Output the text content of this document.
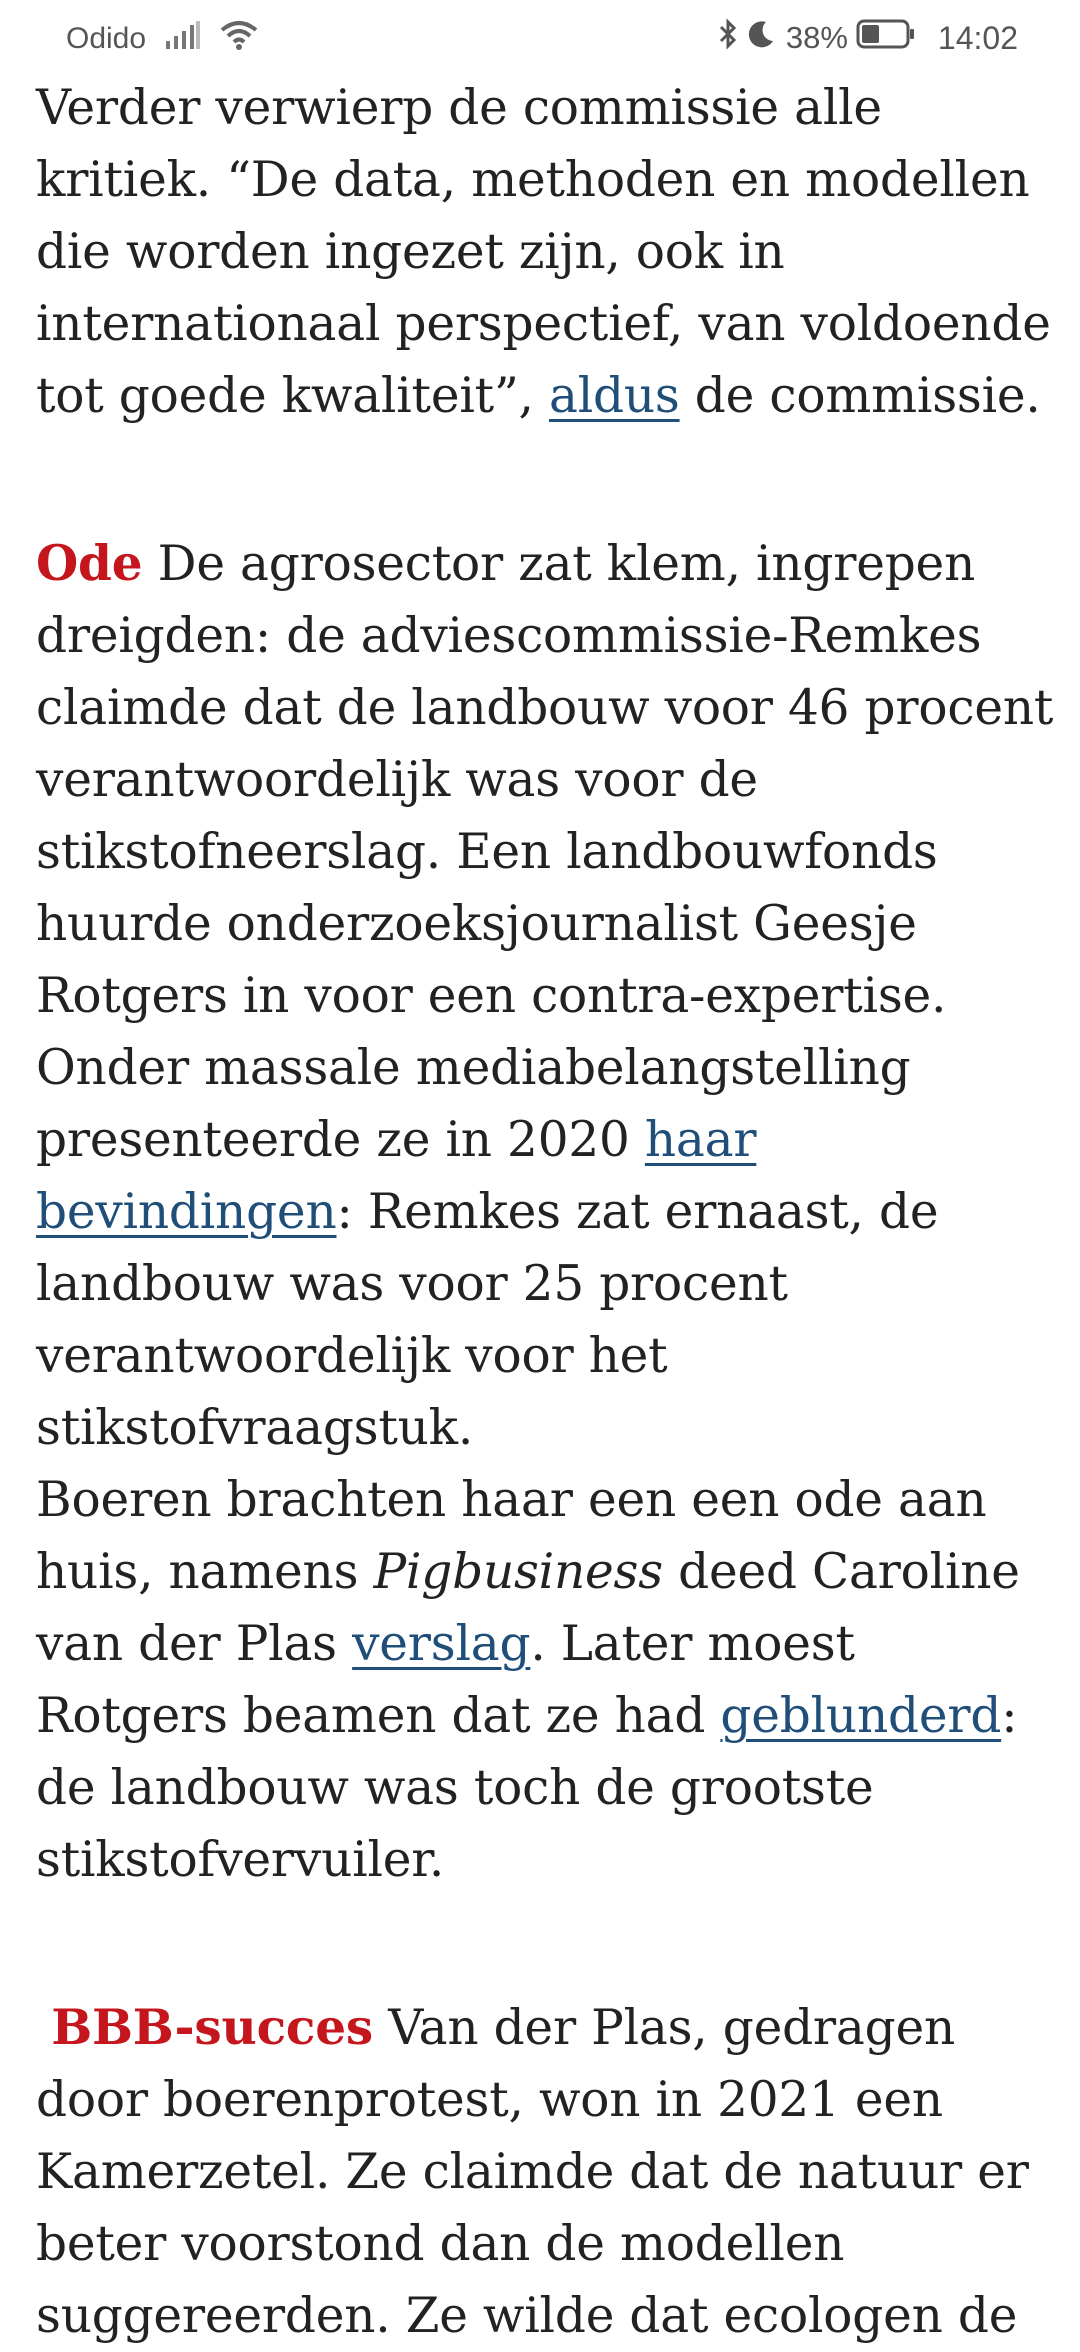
Odido	38%	14:02

Verder verwierp de commissie alle kritiek. “De data, methoden en modellen die worden ingezet zijn, ook in internationaal perspectief, van voldoende tot goede kwaliteit”, aldus de commissie.

Ode De agrosector zat klem, ingrepen dreigden: de adviescommissie-Remkes claimde dat de landbouw voor 46 procent verantwoordelijk was voor de stikstofneerslag. Een landbouwfonds huurde onderzoeksjournalist Geesje Rotgers in voor een contra-expertise. Onder massale mediabelangstelling presenteerde ze in 2020 haar bevindingen: Remkes zat ernaast, de landbouw was voor 25 procent verantwoordelijk voor het stikstofvraagstuk.

Boeren brachten haar een een ode aan huis, namens Pigbusiness deed Caroline van der Plas verslag. Later moest Rotgers beamen dat ze had geblunderd: de landbouw was toch de grootste stikstofvervuiler.

BBB-succes Van der Plas, gedragen door boerenprotest, won in 2021 een Kamerzetel. Ze claimde dat de natuur er beter voorstond dan de modellen suggereerden. Ze wilde dat ecologen de
